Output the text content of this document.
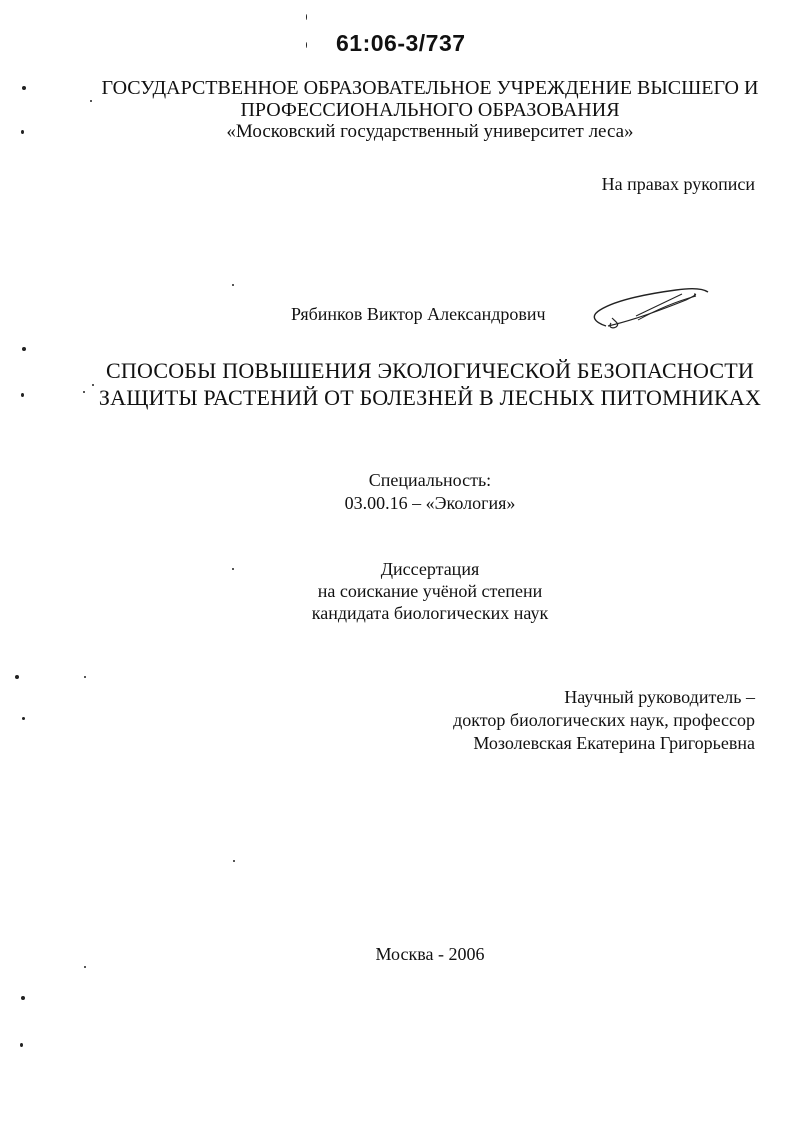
61:06-3/737
ГОСУДАРСТВЕННОЕ ОБРАЗОВАТЕЛЬНОЕ УЧРЕЖДЕНИЕ ВЫСШЕГО И
ПРОФЕССИОНАЛЬНОГО ОБРАЗОВАНИЯ
«Московский государственный университет леса»
На правах рукописи
Рябинков Виктор Александрович
СПОСОБЫ ПОВЫШЕНИЯ ЭКОЛОГИЧЕСКОЙ БЕЗОПАСНОСТИ
ЗАЩИТЫ РАСТЕНИЙ ОТ БОЛЕЗНЕЙ В ЛЕСНЫХ ПИТОМНИКАХ
Специальность:
03.00.16 – «Экология»
Диссертация
на соискание учёной степени
кандидата биологических наук
Научный руководитель –
доктор биологических наук, профессор
Мозолевская Екатерина Григорьевна
Москва - 2006
